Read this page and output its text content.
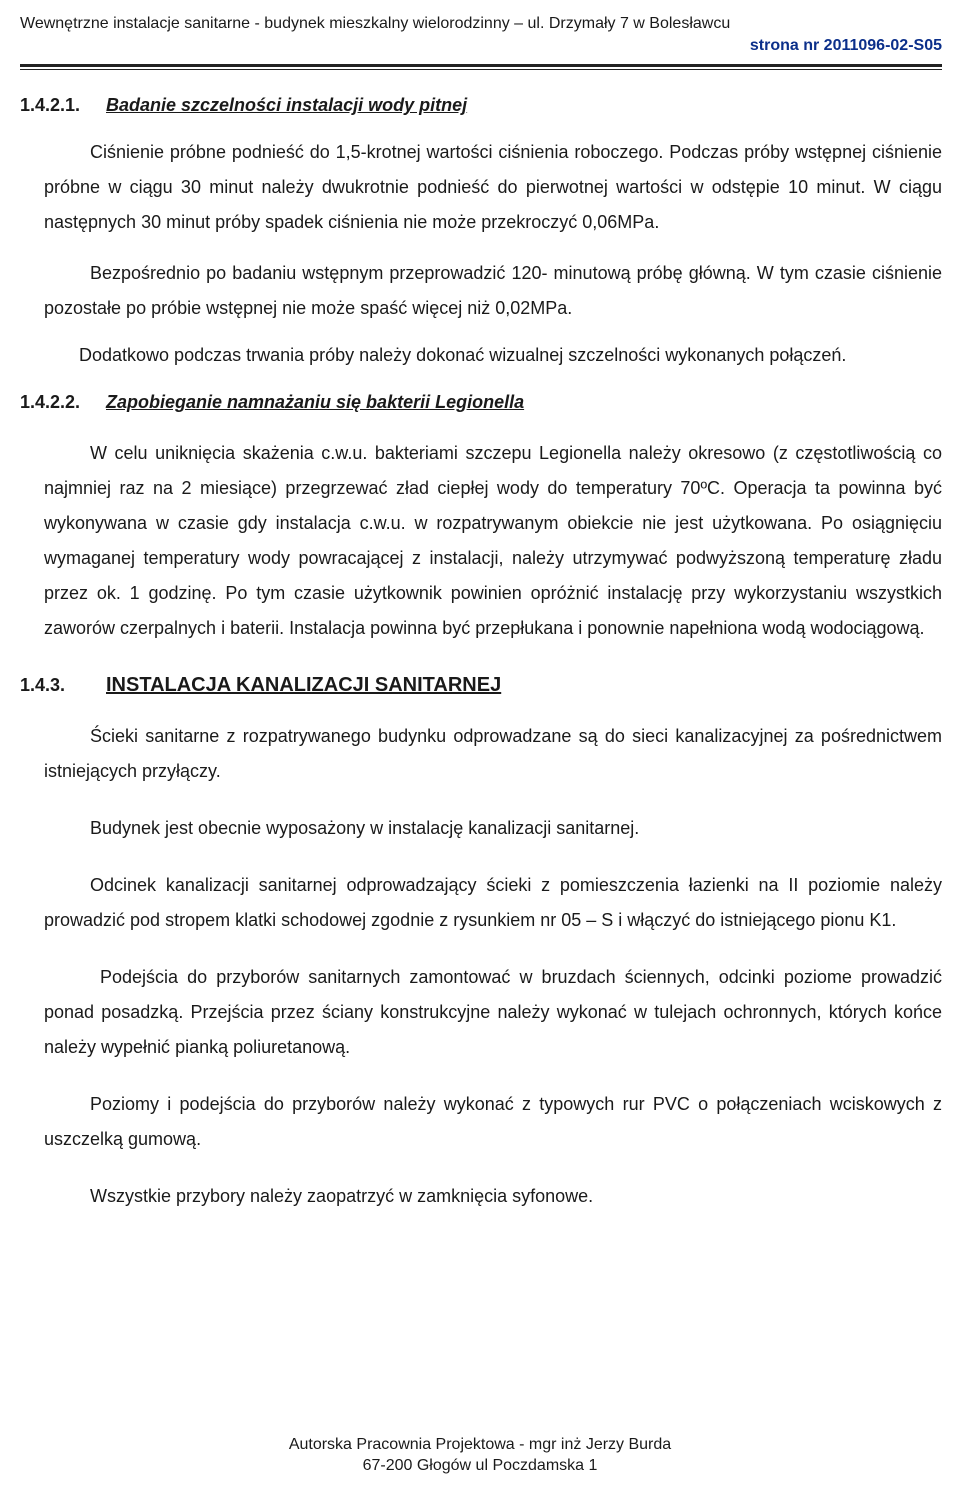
Wewnętrzne instalacje sanitarne - budynek mieszkalny wielorodzinny – ul. Drzymały 7 w Bolesławcu
strona nr 2011096-02-S05
1.4.2.1. Badanie szczelności instalacji wody pitnej
Ciśnienie próbne podnieść do 1,5-krotnej wartości ciśnienia roboczego. Podczas próby wstępnej ciśnienie próbne w ciągu 30 minut należy dwukrotnie podnieść do pierwotnej wartości w odstępie 10 minut. W ciągu następnych 30 minut próby spadek ciśnienia nie może przekroczyć 0,06MPa.
Bezpośrednio po badaniu wstępnym przeprowadzić 120- minutową próbę główną. W tym czasie ciśnienie pozostałe po próbie wstępnej nie może spaść więcej niż 0,02MPa.
Dodatkowo podczas trwania próby należy dokonać wizualnej szczelności wykonanych połączeń.
1.4.2.2. Zapobieganie namnażaniu się bakterii Legionella
W celu uniknięcia skażenia c.w.u. bakteriami szczepu Legionella należy okresowo (z częstotliwością co najmniej raz na 2 miesiące) przegrzewać zład ciepłej wody do temperatury 70ºC. Operacja ta powinna być wykonywana w czasie gdy instalacja c.w.u. w rozpatrywanym obiekcie nie jest użytkowana. Po osiągnięciu wymaganej temperatury wody powracającej z instalacji, należy utrzymywać podwyższoną temperaturę zładu przez ok. 1 godzinę. Po tym czasie użytkownik powinien opróżnić instalację przy wykorzystaniu wszystkich zaworów czerpalnych i baterii. Instalacja powinna być przepłukana i ponownie napełniona wodą wodociągową.
1.4.3. INSTALACJA KANALIZACJI SANITARNEJ
Ścieki sanitarne z rozpatrywanego budynku odprowadzane są do sieci kanalizacyjnej za pośrednictwem istniejących przyłączy.
Budynek jest obecnie wyposażony w instalację kanalizacji sanitarnej.
Odcinek kanalizacji sanitarnej odprowadzający ścieki z pomieszczenia łazienki na II poziomie należy prowadzić pod stropem klatki schodowej zgodnie z rysunkiem nr 05 – S i włączyć do istniejącego pionu K1.
Podejścia do przyborów sanitarnych zamontować w bruzdach ściennych, odcinki poziome prowadzić ponad posadzką. Przejścia przez ściany konstrukcyjne należy wykonać w tulejach ochronnych, których końce należy wypełnić pianką poliuretanową.
Poziomy i podejścia do przyborów należy wykonać z typowych rur PVC o połączeniach wciskowych z uszczelką gumową.
Wszystkie przybory należy zaopatrzyć w zamknięcia syfonowe.
Autorska Pracownia Projektowa - mgr inż Jerzy Burda
67-200 Głogów ul Poczdamska 1
